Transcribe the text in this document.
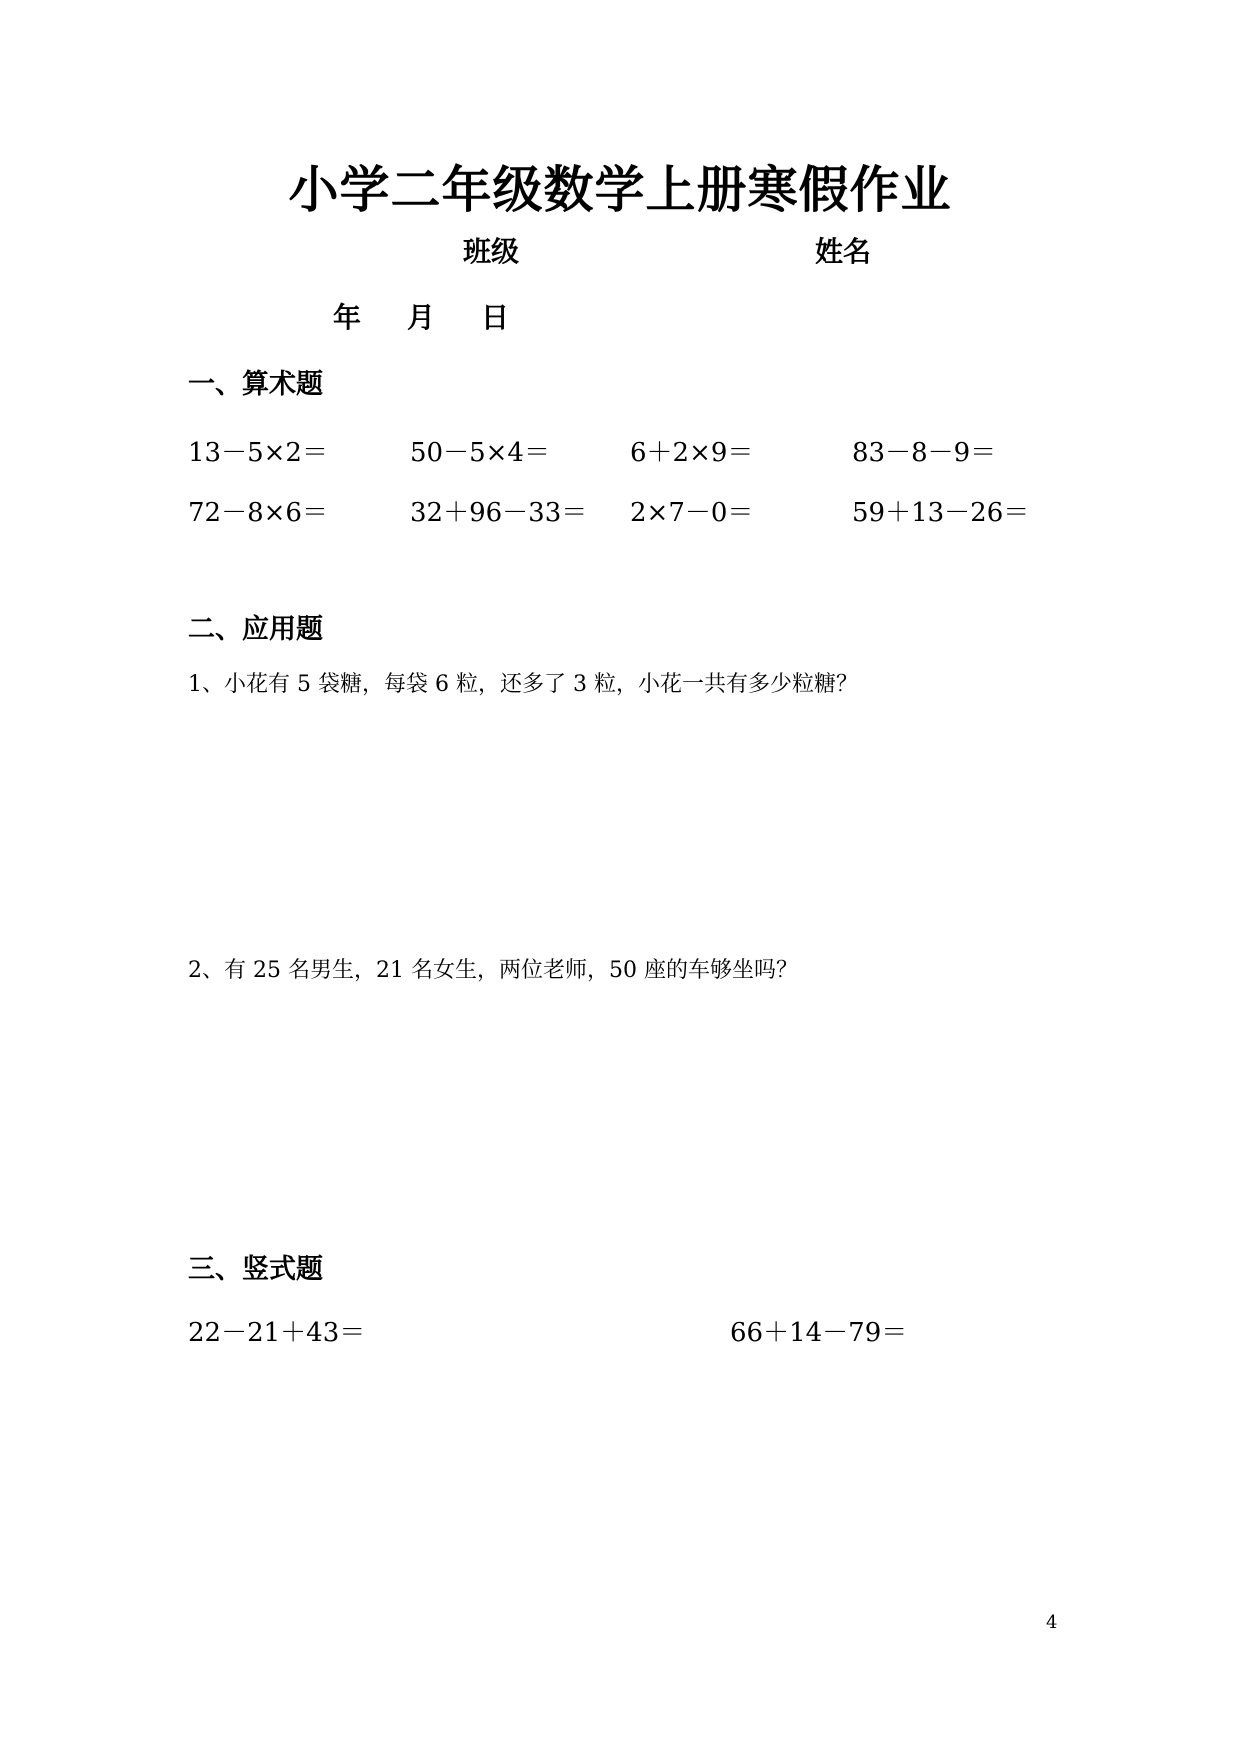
小学二年级数学上册寒假作业
班级	姓名
年 月 日
一、算术题
13－5×2＝	50－5×4＝	6＋2×9＝	83－8－9＝
72－8×6＝	32＋96－33＝ 2×7－0＝	59＋13－26＝
二、应用题
1、小花有 5 袋糖，每袋 6 粒，还多了 3 粒，小花一共有多少粒糖？
2、有 25 名男生，21 名女生，两位老师，50 座的车够坐吗？
三、竖式题
22－21＋43＝	66＋14－79＝
4
